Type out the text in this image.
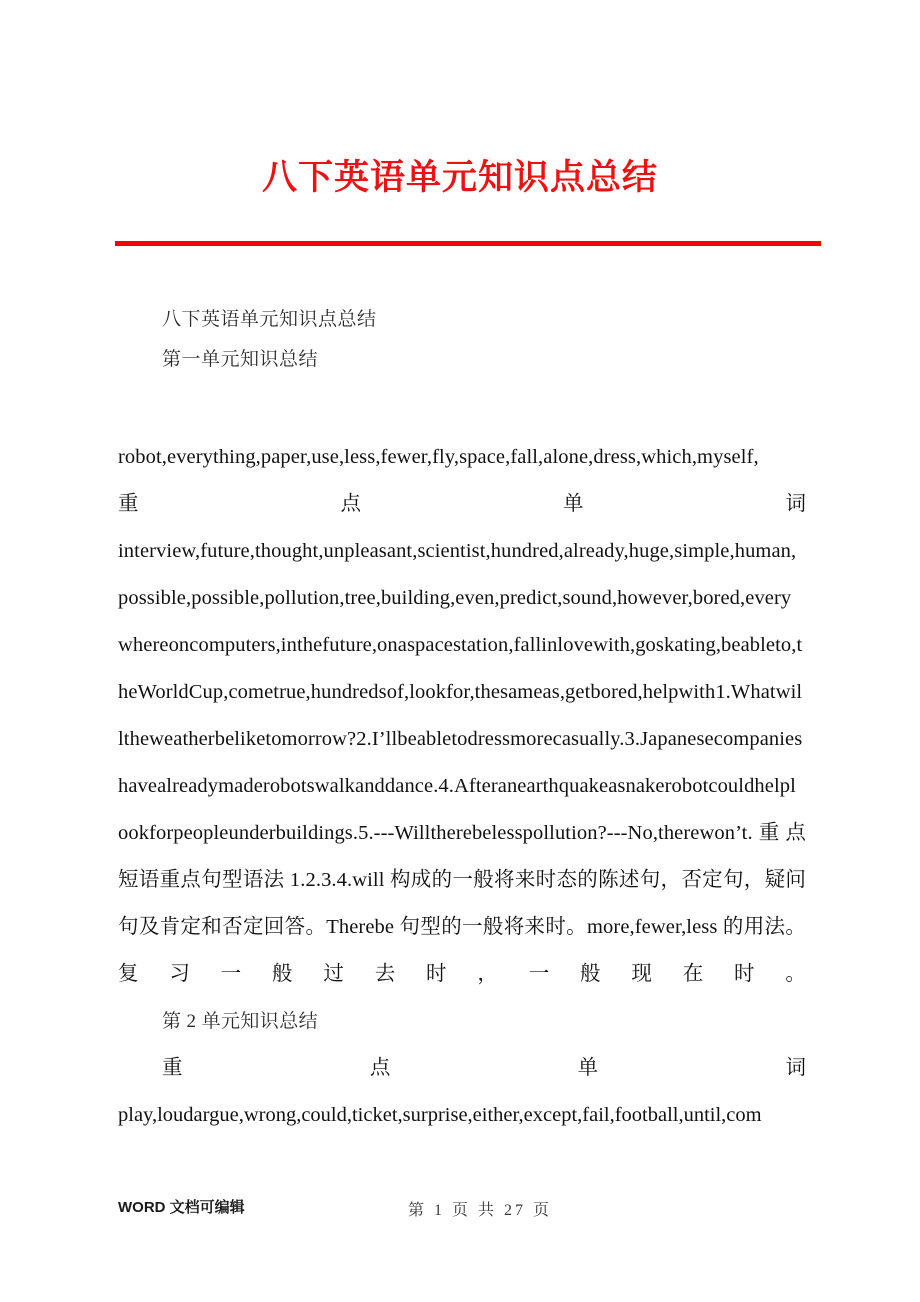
八下英语单元知识点总结
八下英语单元知识点总结
第一单元知识总结
robot,everything,paper,use,less,fewer,fly,space,fall,alone,dress,which,myself,
重	点	单	词
interview,future,thought,unpleasant,scientist,hundred,already,huge,simple,human,possible,possible,pollution,tree,building,even,predict,sound,however,bored,everywhereoncomputers,inthefuture,onaspacestation,fallinlovewith,goskating,beableto,theWorldCup,cometrue,hundredsof,lookfor,thesameas,getbored,helpwith1.Whatwilltheweatherbeliketomorrow?2.I’llbeabletodressmorecasually.3.Japanesecompanieshavealreadymaderobotswalkanddance.4.Afteranearthquakeasnakerobotcouldhelplookforpeopleunderbuildings.5.---Willtherebelesspollution?---No,therewon’t.重点短语重点句型语法 1.2.3.4.will 构成的一般将来时态的陈述句，否定句，疑问句及肯定和否定回答。Therebe 句型的一般将来时。more,fewer,less 的用法。复习一般过去时，一般现在时。
第 2 单元知识总结
重	点	单	词
play,loudargue,wrong,could,ticket,surprise,either,except,fail,football,until,com
WORD 文档可编辑	第 1 页 共 27 页
